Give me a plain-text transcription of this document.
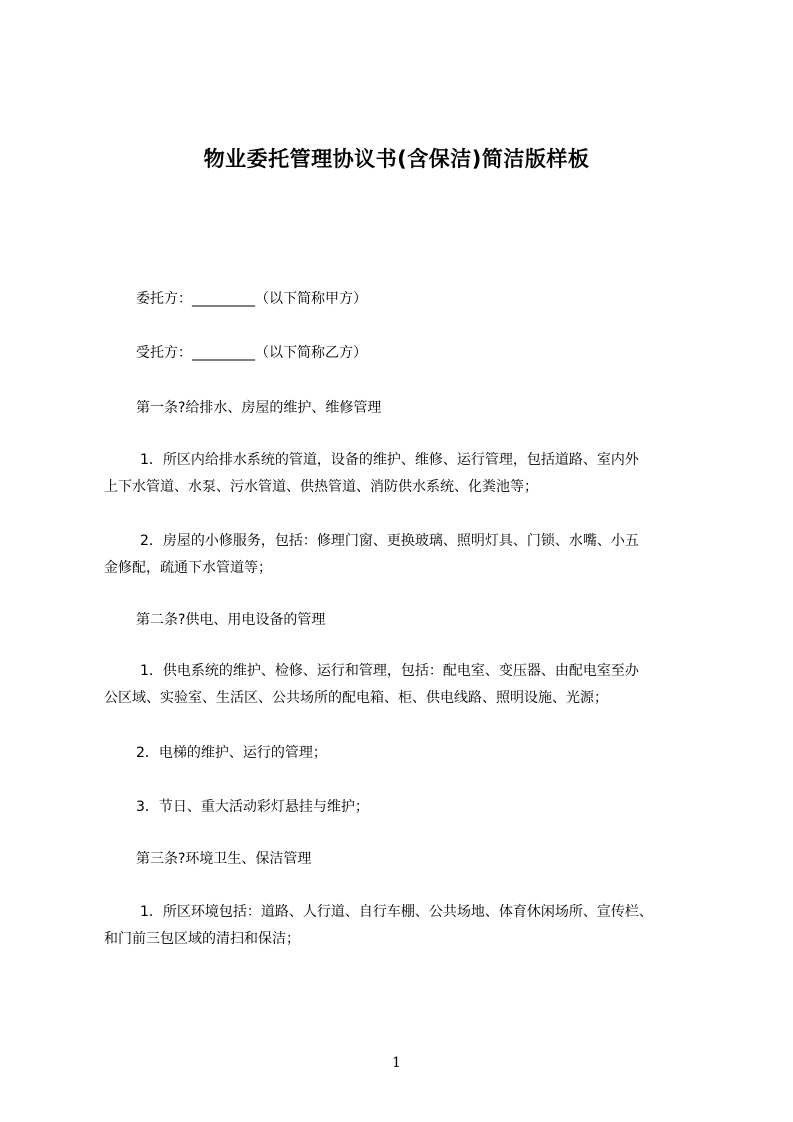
物业委托管理协议书(含保洁)简洁版样板

委托方：_________（以下简称甲方）

受托方：_________（以下简称乙方）

第一条?给排水、房屋的维护、维修管理

1．所区内给排水系统的管道，设备的维护、维修、运行管理，包括道路、室内外
上下水管道、水泵、污水管道、供热管道、消防供水系统、化粪池等；

2．房屋的小修服务，包括：修理门窗、更换玻璃、照明灯具、门锁、水嘴、小五
金修配，疏通下水管道等；

第二条?供电、用电设备的管理

1．供电系统的维护、检修、运行和管理，包括：配电室、变压器、由配电室至办
公区域、实验室、生活区、公共场所的配电箱、柜、供电线路、照明设施、光源；

2．电梯的维护、运行的管理；

3．节日、重大活动彩灯悬挂与维护；

第三条?环境卫生、保洁管理

1．所区环境包括：道路、人行道、自行车棚、公共场地、体育休闲场所、宣传栏、
和门前三包区域的清扫和保洁；

1
